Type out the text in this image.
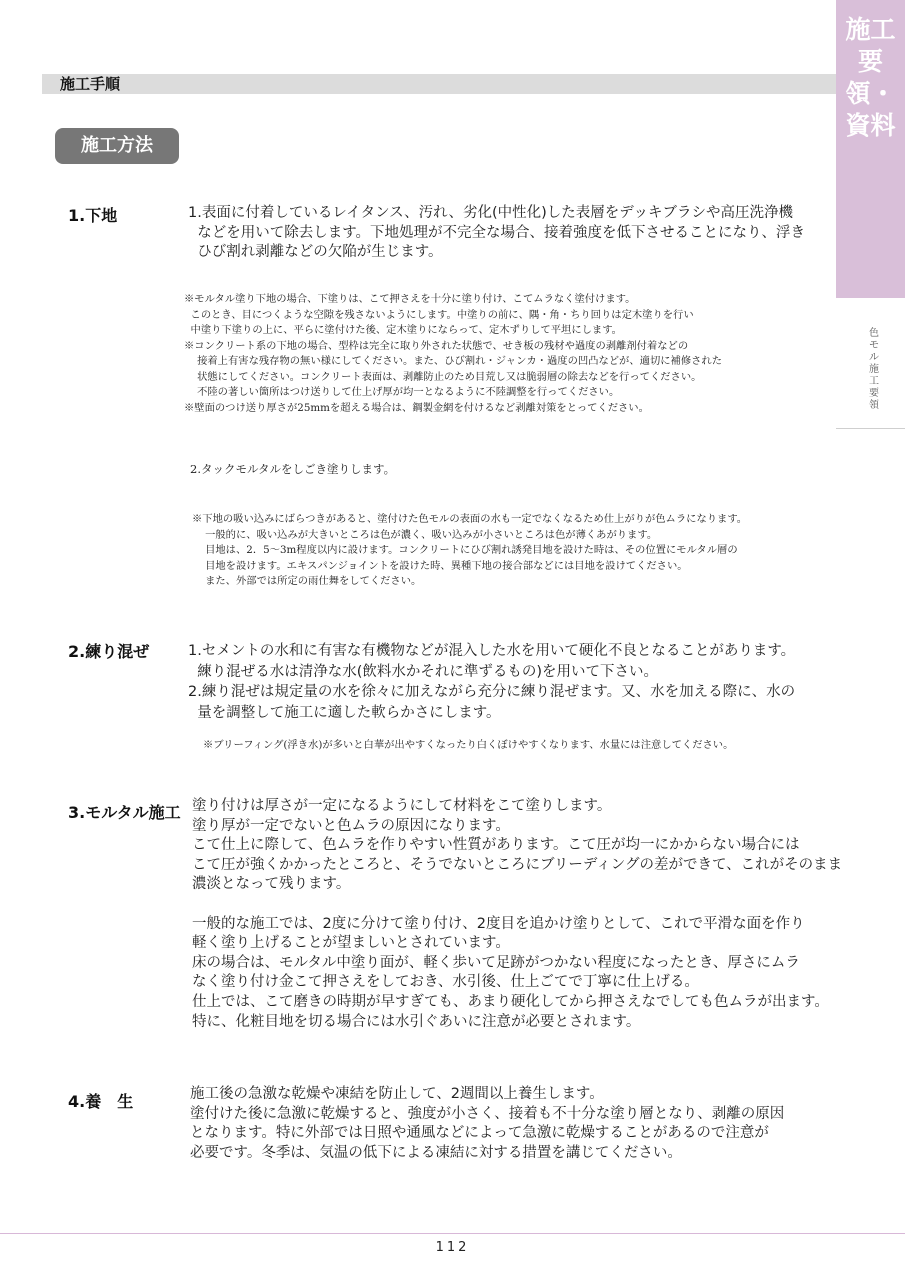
施工要領・資料
色モル施工要領
施工手順
施工方法
1.下地	1.表面に付着しているレイタンス、汚れ、劣化(中性化)した表層をデッキブラシや高圧洗浄機
などを用いて除去します。下地処理が不完全な場合、接着強度を低下させることになり、浮き
ひび割れ剥離などの欠陥が生じます。
※モルタル塗り下地の場合、下塗りは、こて押さえを十分に塗り付け、こてムラなく塗付けます。
このとき、目につくような空隙を残さないようにします。中塗りの前に、隅・角・ちり回りは定木塗りを行い
中塗り下塗りの上に、平らに塗付けた後、定木塗りにならって、定木ずりして平坦にします。
※コンクリート系の下地の場合、型枠は完全に取り外された状態で、せき板の残材や過度の剥離剤付着などの
接着上有害な残存物の無い様にしてください。また、ひび割れ・ジャンカ・過度の凹凸などが、適切に補修された
状態にしてください。コンクリート表面は、剥離防止のため目荒し又は脆弱層の除去などを行ってください。
不陸の著しい箇所はつけ送りして仕上げ厚が均一となるように不陸調整を行ってください。
※壁面のつけ送り厚さが25mmを超える場合は、鋼製金網を付けるなど剥離対策をとってください。
2.タックモルタルをしごき塗りします。
※下地の吸い込みにばらつきがあると、塗付けた色モルの表面の水も一定でなくなるため仕上がりが色ムラになります。
一般的に、吸い込みが大きいところは色が濃く、吸い込みが小さいところは色が薄くあがります。
目地は、2．5～3m程度以内に設けます。コンクリートにひび割れ誘発目地を設けた時は、その位置にモルタル層の
目地を設けます。エキスパンジョイントを設けた時、異種下地の接合部などには目地を設けてください。
また、外部では所定の雨仕舞をしてください。
2.練り混ぜ	1.セメントの水和に有害な有機物などが混入した水を用いて硬化不良となることがあります。
練り混ぜる水は清浄な水(飲料水かそれに準ずるもの)を用いて下さい。
2.練り混ぜは規定量の水を徐々に加えながら充分に練り混ぜます。又、水を加える際に、水の
量を調整して施工に適した軟らかさにします。
※ブリーフィング(浮き水)が多いと白華が出やすくなったり白くぼけやすくなります、水量には注意してください。
3.モルタル施工 塗り付けは厚さが一定になるようにして材料をこて塗りします。
塗り厚が一定でないと色ムラの原因になります。
こて仕上に際して、色ムラを作りやすい性質があります。こて圧が均一にかからない場合には
こて圧が強くかかったところと、そうでないところにブリーディングの差ができて、これがそのまま
濃淡となって残ります。

一般的な施工では、2度に分けて塗り付け、2度目を追かけ塗りとして、これで平滑な面を作り
軽く塗り上げることが望ましいとされています。
床の場合は、モルタル中塗り面が、軽く歩いて足跡がつかない程度になったとき、厚さにムラ
なく塗り付け金こて押さえをしておき、水引後、仕上ごてで丁寧に仕上げる。
仕上では、こて磨きの時期が早すぎても、あまり硬化してから押さえなでしても色ムラが出ます。
特に、化粧目地を切る場合には水引ぐあいに注意が必要とされます。
4.養　生	施工後の急激な乾燥や凍結を防止して、2週間以上養生します。
塗付けた後に急激に乾燥すると、強度が小さく、接着も不十分な塗り層となり、剥離の原因
となります。特に外部では日照や通風などによって急激に乾燥することがあるので注意が
必要です。冬季は、気温の低下による凍結に対する措置を講じてください。
112
